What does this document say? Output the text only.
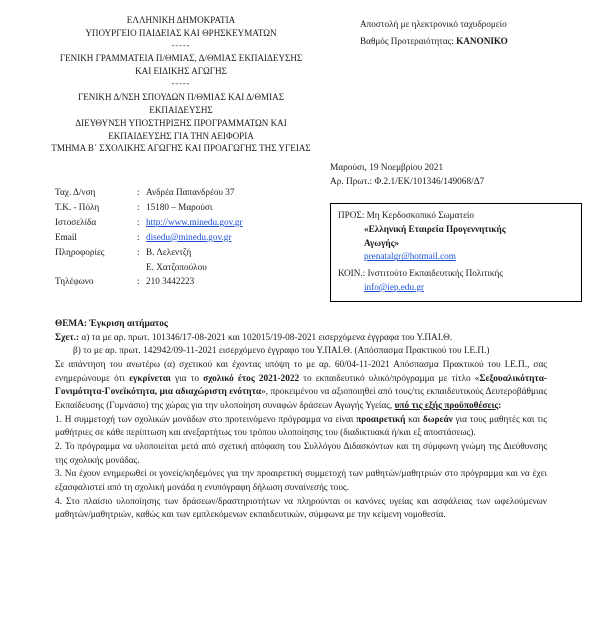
ΕΛΛΗΝΙΚΗ ΔΗΜΟΚΡΑΤΙΑ
ΥΠΟΥΡΓΕΙΟ ΠΑΙΔΕΙΑΣ ΚΑΙ ΘΡΗΣΚΕΥΜΑΤΩΝ
-----
ΓΕΝΙΚΗ ΓΡΑΜΜΑΤΕΙΑ Π/ΘΜΙΑΣ, Δ/ΘΜΙΑΣ ΕΚΠΑΙΔΕΥΣΗΣ
ΚΑΙ ΕΙΔΙΚΗΣ ΑΓΩΓΗΣ
-----
ΓΕΝΙΚΗ Δ/ΝΣΗ ΣΠΟΥΔΩΝ Π/ΘΜΙΑΣ ΚΑΙ Δ/ΘΜΙΑΣ
ΕΚΠΑΙΔΕΥΣΗΣ
ΔΙΕΥΘΥΝΣΗ ΥΠΟΣΤΗΡΙΞΗΣ ΠΡΟΓΡΑΜΜΑΤΩΝ ΚΑΙ
ΕΚΠΑΙΔΕΥΣΗΣ ΓΙΑ ΤΗΝ ΑΕΙΦΟΡΙΑ
ΤΜΗΜΑ Β΄ ΣΧΟΛΙΚΗΣ ΑΓΩΓΗΣ ΚΑΙ ΠΡΟΑΓΩΓΗΣ ΤΗΣ ΥΓΕΙΑΣ
Αποστολή με ηλεκτρονικό ταχυδρομείο
Βαθμός Προτεραιότητας: ΚΑΝΟΝΙΚΟ
Μαρούσι, 19 Νοεμβρίου 2021
Αρ. Πρωτ.: Φ.2.1/ΕΚ/101346/149068/Δ7
Ταχ. Δ/νση	:	Ανδρέα Παπανδρέου 37
Τ.Κ. - Πόλη	:	15180 – Μαρούσι
Ιστοσελίδα	:	http://www.minedu.gov.gr
Email	:	disedu@minedu.gov.gr
Πληροφορίες	:	Β. Λελεντζή
		Ε. Χατζοπούλου
Τηλέφωνο	:	210 3442223
ΠΡΟΣ: Μη Κερδοσκοπικό Σωματείο
«Ελληνική Εταιρεία Προγεννητικής
Αγωγής»
prenatalgr@hotmail.com
ΚΟΙΝ.: Ινστιτούτο Εκπαιδευτικής Πολιτικής
info@iep.edu.gr

ΘΕΜΑ: Έγκριση αιτήματος

Σχετ.: α) τα με αρ. πρωτ. 101346/17-08-2021 και 102015/19-08-2021 εισερχόμενα έγγραφα του Υ.ΠΑΙ.Θ.

β) το με αρ. πρωτ. 142942/09-11-2021 εισερχόμενο έγγραφο του Υ.ΠΑΙ.Θ. (Απόσπασμα Πρακτικού του Ι.Ε.Π.)

Σε απάντηση του ανωτέρω (α) σχετικού και έχοντας υπόψη το με αρ. 60/04-11-2021 Απόσπασμα Πρακτικού του Ι.Ε.Π., σας ενημερώνουμε ότι εγκρίνεται για το σχολικό έτος 2021-2022 το εκπαιδευτικό υλικό/πρόγραμμα με τίτλο «Σεξουαλικότητα-Γονιμότητα-Γονεϊκότητα, μια αδιαχώριστη ενότητα», προκειμένου να αξιοποιηθεί από τους/τις εκπαιδευτικούς Δευτεροβάθμιας Εκπαίδευσης (Γυμνάσιο) της χώρας για την υλοποίηση συναφών δράσεων Αγωγής Υγείας, υπό τις εξής προϋποθέσεις:

1. Η συμμετοχή των σχολικών μονάδων στο προτεινόμενο πρόγραμμα να είναι προαιρετική και δωρεάν για τους μαθητές και τις μαθήτριες σε κάθε περίπτωση και ανεξαρτήτως του τρόπου υλοποίησης του (διαδικτυακά ή/και εξ αποστάσεως).

2. Το πρόγραμμα να υλοποιείται μετά από σχετική απόφαση του Συλλόγου Διδασκόντων και τη σύμφωνη γνώμη της Διεύθυνσης της σχολικής μονάδας.

3. Να έχουν ενημερωθεί οι γονείς/κηδεμόνες για την προαιρετική συμμετοχή των μαθητών/μαθητριών στο πρόγραμμα και να έχει εξασφαλιστεί από τη σχολική μονάδα η ενυπόγραφη δήλωση συναίνεσής τους.

4. Στο πλαίσιο υλοποίησης των δράσεων/δραστηριοτήτων να πληρούνται οι κανόνες υγείας και ασφάλειας των ωφελούμενων μαθητών/μαθητριών, καθώς και των εμπλεκόμενων εκπαιδευτικών, σύμφωνα με την κείμενη νομοθεσία.
